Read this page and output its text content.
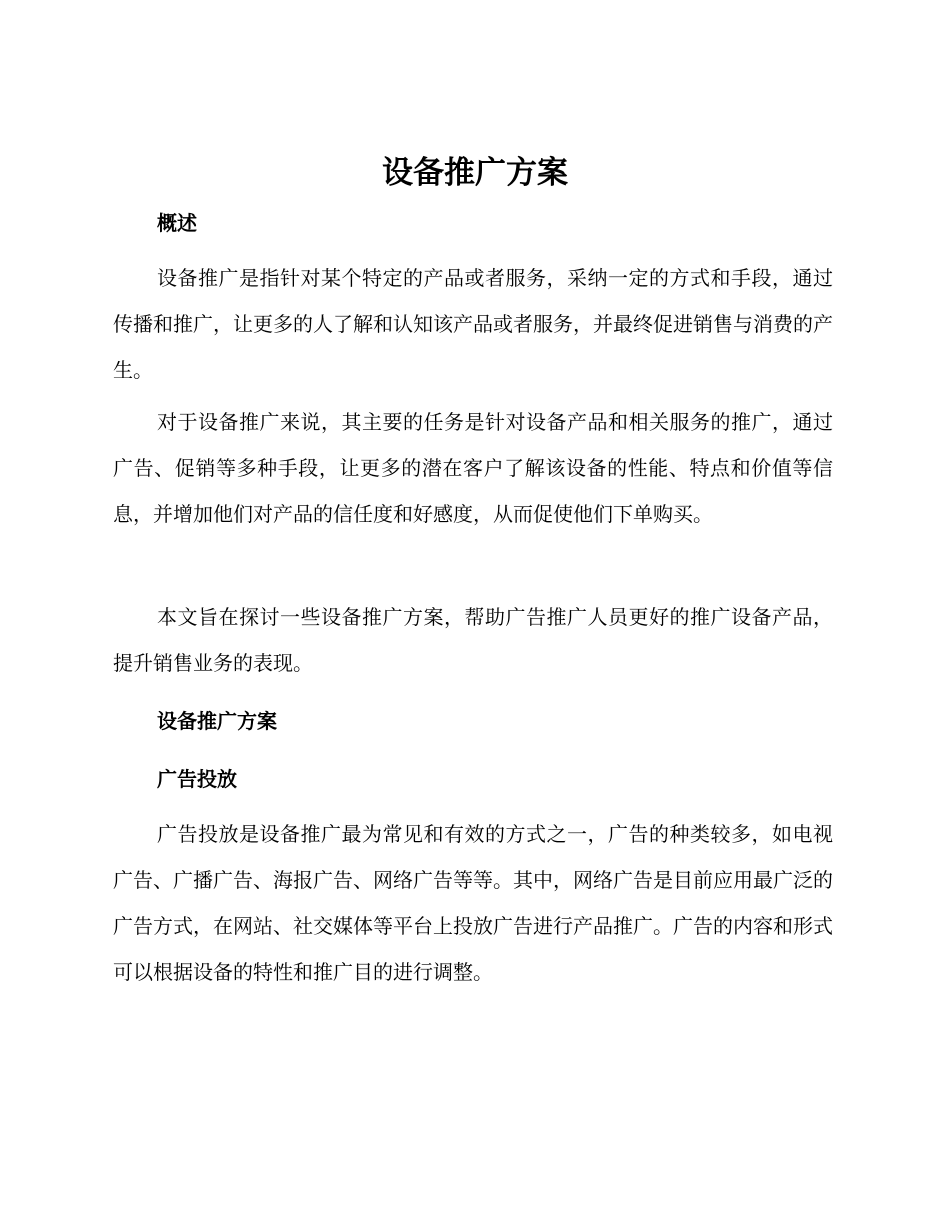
设备推广方案
概述

设备推广是指针对某个特定的产品或者服务，采纳一定的方式和手段，通过传播和推广，让更多的人了解和认知该产品或者服务，并最终促进销售与消费的产生。

对于设备推广来说，其主要的任务是针对设备产品和相关服务的推广，通过广告、促销等多种手段，让更多的潜在客户了解该设备的性能、特点和价值等信息，并增加他们对产品的信任度和好感度，从而促使他们下单购买。

本文旨在探讨一些设备推广方案，帮助广告推广人员更好的推广设备产品，提升销售业务的表现。

设备推广方案
广告投放

广告投放是设备推广最为常见和有效的方式之一，广告的种类较多，如电视广告、广播广告、海报广告、网络广告等等。其中，网络广告是目前应用最广泛的广告方式，在网站、社交媒体等平台上投放广告进行产品推广。广告的内容和形式可以根据设备的特性和推广目的进行调整。
